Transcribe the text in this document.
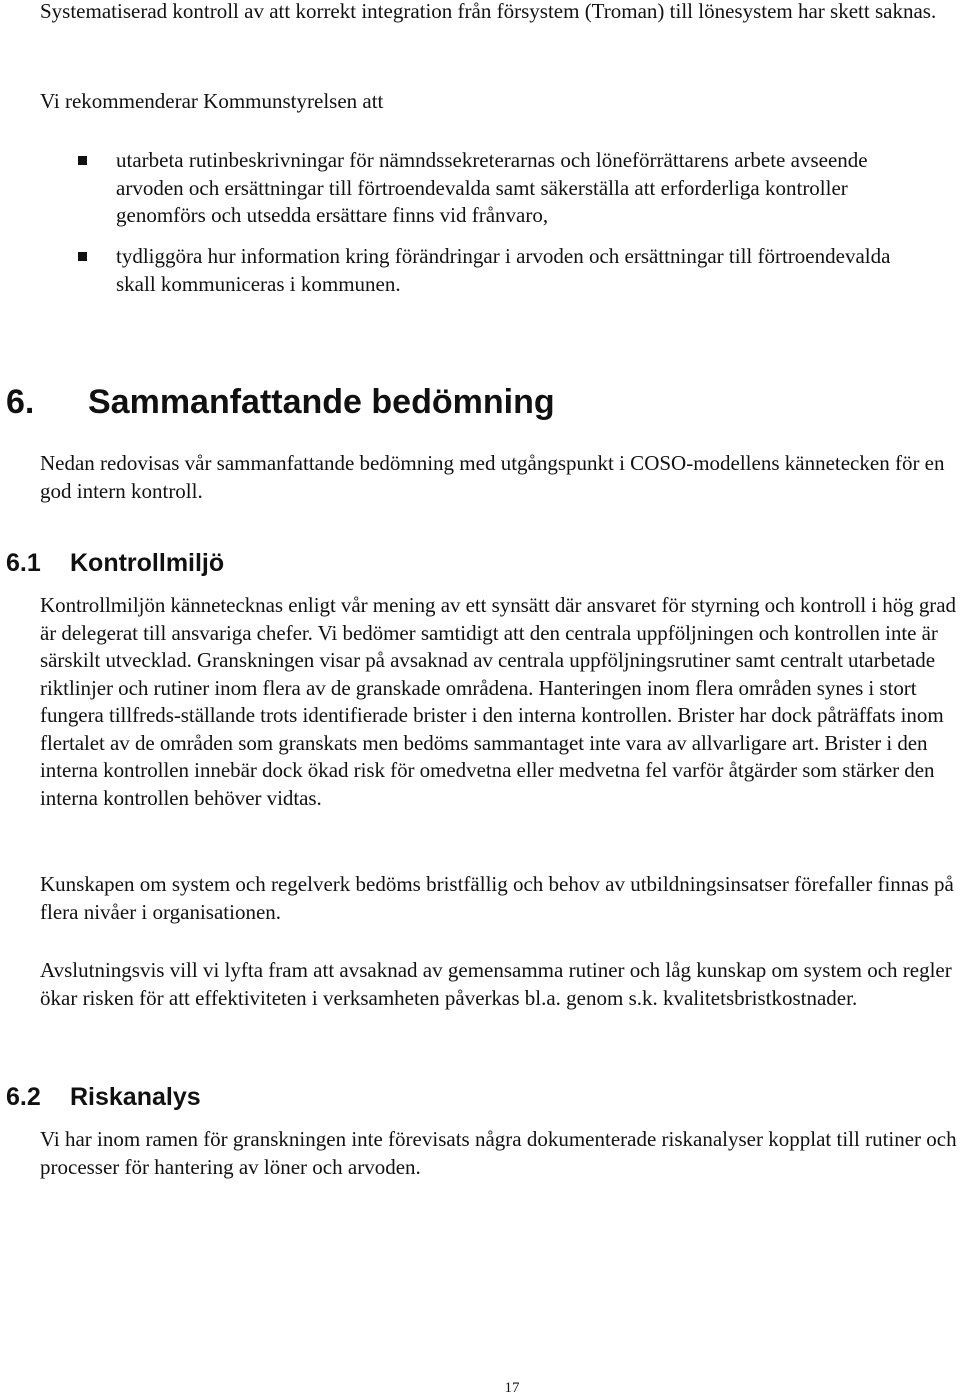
Systematiserad kontroll av att korrekt integration från försystem (Troman) till lönesystem har skett saknas.

Vi rekommenderar Kommunstyrelsen att

utarbeta rutinbeskrivningar för nämndssekreterarnas och löneförrättarens arbete avseende arvoden och ersättningar till förtroendevalda samt säkerställa att erforderliga kontroller genomförs och utsedda ersättare finns vid frånvaro,
tydliggöra hur information kring förändringar i arvoden och ersättningar till förtroendevalda skall kommuniceras i kommunen.
6. Sammanfattande bedömning

Nedan redovisas vår sammanfattande bedömning med utgångspunkt i COSO-modellens kännetecken för en god intern kontroll.

6.1 Kontrollmiljö

Kontrollmiljön kännetecknas enligt vår mening av ett synsätt där ansvaret för styrning och kontroll i hög grad är delegerat till ansvariga chefer. Vi bedömer samtidigt att den centrala uppföljningen och kontrollen inte är särskilt utvecklad. Granskningen visar på avsaknad av centrala uppföljningsrutiner samt centralt utarbetade riktlinjer och rutiner inom flera av de granskade områdena. Hanteringen inom flera områden synes i stort fungera tillfreds-ställande trots identifierade brister i den interna kontrollen. Brister har dock påträffats inom flertalet av de områden som granskats men bedöms sammantaget inte vara av allvarligare art. Brister i den interna kontrollen innebär dock ökad risk för omedvetna eller medvetna fel varför åtgärder som stärker den interna kontrollen behöver vidtas.

Kunskapen om system och regelverk bedöms bristfällig och behov av utbildningsinsatser förefaller finnas på flera nivåer i organisationen.

Avslutningsvis vill vi lyfta fram att avsaknad av gemensamma rutiner och låg kunskap om system och regler ökar risken för att effektiviteten i verksamheten påverkas bl.a. genom s.k. kvalitetsbristkostnader.

6.2 Riskanalys

Vi har inom ramen för granskningen inte förevisats några dokumenterade riskanalyser kopplat till rutiner och processer för hantering av löner och arvoden.

17
